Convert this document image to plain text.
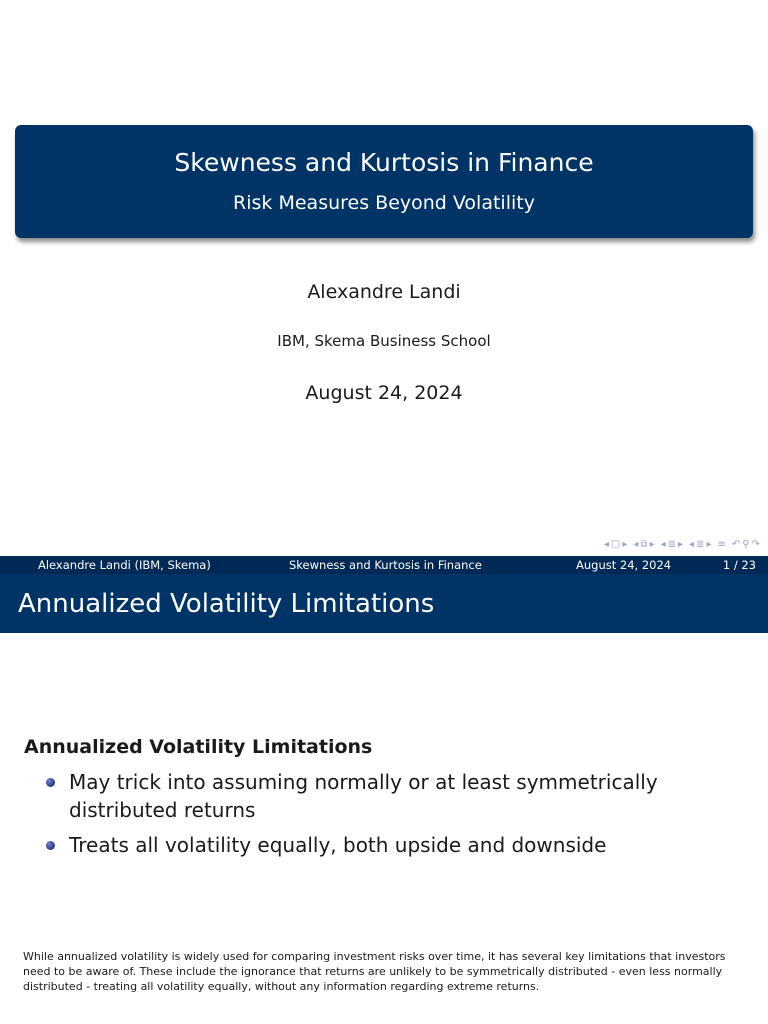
Skewness and Kurtosis in Finance
Risk Measures Beyond Volatility
Alexandre Landi
IBM, Skema Business School
August 24, 2024
◂ □ ▸ ◂ ⧉ ▸ ◂ ≣ ▸ ◂ ≣ ▸ ≡ ↶ ⚲ ↷
Alexandre Landi (IBM, Skema)	Skewness and Kurtosis in Finance	August 24, 2024	1 / 23
Annualized Volatility Limitations
Annualized Volatility Limitations
May trick into assuming normally or at least symmetrically distributed returns
Treats all volatility equally, both upside and downside
While annualized volatility is widely used for comparing investment risks over time, it has several key limitations that investors need to be aware of. These include the ignorance that returns are unlikely to be symmetrically distributed - even less normally distributed - treating all volatility equally, without any information regarding extreme returns.
